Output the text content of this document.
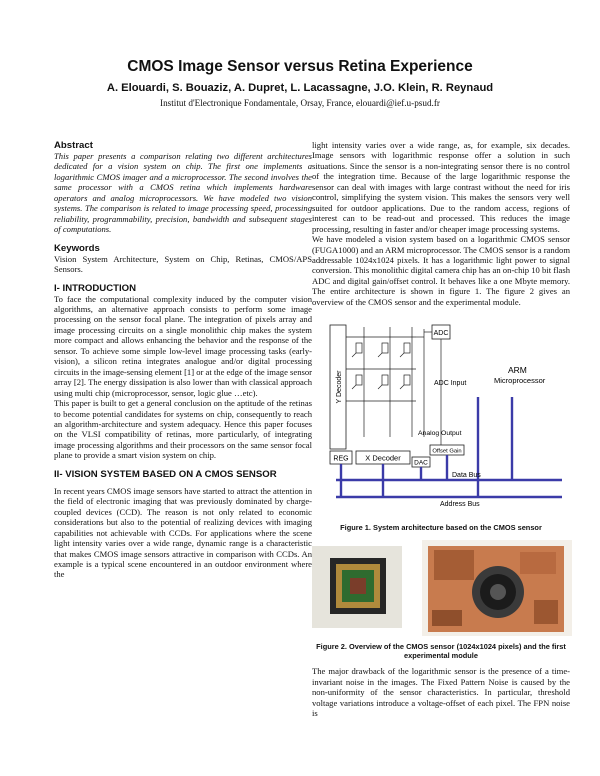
CMOS Image Sensor versus Retina Experience
A. Elouardi, S. Bouaziz, A. Dupret, L. Lacassagne, J.O. Klein, R. Reynaud
Institut d'Electronique Fondamentale, Orsay, France, elouardi@ief.u-psud.fr
Abstract

This paper presents a comparison relating two different architectures dedicated for a vision system on chip. The first one implements a logarithmic CMOS imager and a microprocessor. The second involves the same processor with a CMOS retina which implements hardware operators and analog microprocessors. We have modeled two vision systems. The comparison is related to image processing speed, processing reliability, programmability, precision, bandwidth and subsequent stages of computations.

Keywords

Vision System Architecture, System on Chip, Retinas, CMOS/APS Sensors.

I- INTRODUCTION

To face the computational complexity induced by the computer vision algorithms, an alternative approach consists to perform some image processing on the sensor focal plane. The integration of pixels array and image processing circuits on a single monolithic chip makes the system more compact and allows enhancing the behavior and the response of the sensor. To achieve some simple low-level image processing tasks (early-vision), a silicon retina integrates analogue and/or digital processing circuits in the image-sensing element [1] or at the edge of the image sensor array [2]. The energy dissipation is also lower than with classical approach using multi chip (microprocessor, sensor, logic glue …etc).

This paper is built to get a general conclusion on the aptitude of the retinas to become potential candidates for systems on chip, consequently to reach an algorithm-architecture and system adequacy. Hence this paper focuses on the VLSI compatibility of retinas, more particularly, of integrating image processing algorithms and their processors on the same sensor focal plane to provide a smart vision system on chip.

II- VISION SYSTEM BASED ON A CMOS SENSOR

In recent years CMOS image sensors have started to attract the attention in the field of electronic imaging that was previously dominated by charge-coupled devices (CCD). The reason is not only related to economic considerations but also to the potential of realizing devices with imaging capabilities not achievable with CCDs. For applications where the scene light intensity varies over a wide range, dynamic range is a characteristic that makes CMOS image sensors attractive in comparison with CCDs. An example is a typical scene encountered in an outdoor environment where the

light intensity varies over a wide range, as, for example, six decades. Image sensors with logarithmic response offer a solution in such situations. Since the sensor is a non-integrating sensor there is no control of the integration time. Because of the large logarithmic response the sensor can deal with images with large contrast without the need for iris control, simplifying the system vision. This makes the sensors very well suited for outdoor applications. Due to the random access, regions of interest can to be read-out and processed. This reduces the image processing, resulting in faster and/or cheaper image processing systems.

We have modeled a vision system based on a logarithmic CMOS sensor (FUGA1000) and an ARM microprocessor. The CMOS sensor is a random addressable 1024x1024 pixels. It has a logarithmic light power to signal conversion. This monolithic digital camera chip has an on-chip 10 bit flash ADC and digital gain/offset control. It behaves like a one Mbyte memory. The entire architecture is shown in figure 1. The figure 2 gives an overview of the CMOS sensor and the experimental module.

Y Decoder
ADC
ADC Input
ARM
Microprocessor
Analog Output
REG X Decoder
Offset Gain
DAC
Data Bus
Address Bus
Figure 1. System architecture based on the CMOS sensor
Figure 2. Overview of the CMOS sensor (1024x1024 pixels) and the first experimental module

The major drawback of the logarithmic sensor is the presence of a time-invariant noise in the images. The Fixed Pattern Noise is caused by the non-uniformity of the sensor characteristics. In particular, threshold voltage variations introduce a voltage-offset of each pixel. The FPN noise is
